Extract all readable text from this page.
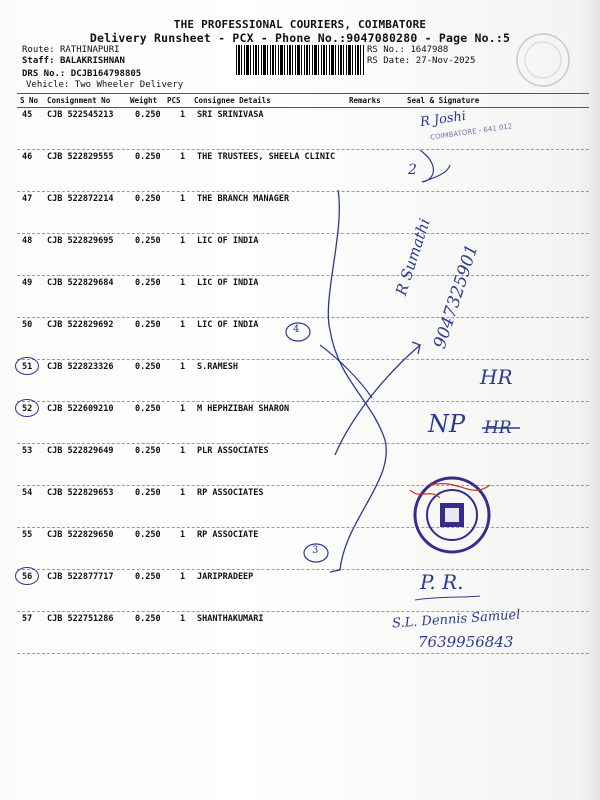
THE PROFESSIONAL COURIERS, COIMBATORE
Delivery Runsheet - PCX - Phone No.:9047080280 - Page No.:5
Route: RATHINAPURI
Staff: BALAKRISHNAN
DRS No.: DCJB164798805
Vehicle: Two Wheeler Delivery
RS No.: 1647988
RS Date: 27-Nov-2025
S No Consignment No	Weight PCS Consignee Details	Remarks	Seal & Signature
45 CJB 522545213	0.250 1 SRI SRINIVASA
46 CJB 522829555	0.250 1 THE TRUSTEES, SHEELA CLINIC
47 CJB 522872214	0.250 1 THE BRANCH MANAGER
48 CJB 522829695	0.250 1 LIC OF INDIA
49 CJB 522829684	0.250 1 LIC OF INDIA
50 CJB 522829692	0.250 1 LIC OF INDIA
51 CJB 522823326	0.250 1 S.RAMESH
52 CJB 522609210	0.250 1 M HEPHZIBAH SHARON
53 CJB 522829649	0.250 1 PLR ASSOCIATES
54 CJB 522829653	0.250 1 RP ASSOCIATES
55 CJB 522829650	0.250 1 RP ASSOCIATE
56 CJB 522877717	0.250 1 JARIPRADEEP
57 CJB 522751286	0.250 1 SHANTHAKUMARI
R Joshi
COIMBATORE - 641 012
2
R Sumathi
9047325901
4
3
HR
NP HR
P. R.
S.L. Dennis Samuel
7639956843
